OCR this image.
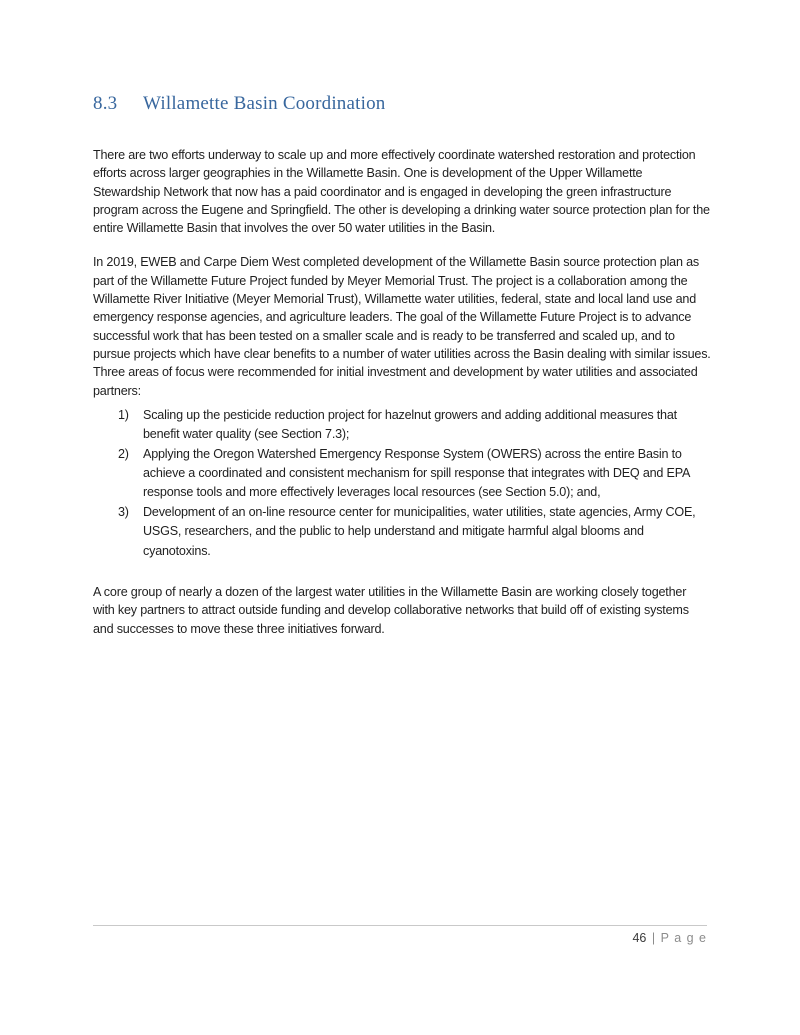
8.3	Willamette Basin Coordination

There are two efforts underway to scale up and more effectively coordinate watershed restoration and protection efforts across larger geographies in the Willamette Basin. One is development of the Upper Willamette Stewardship Network that now has a paid coordinator and is engaged in developing the green infrastructure program across the Eugene and Springfield. The other is developing a drinking water source protection plan for the entire Willamette Basin that involves the over 50 water utilities in the Basin.

In 2019, EWEB and Carpe Diem West completed development of the Willamette Basin source protection plan as part of the Willamette Future Project funded by Meyer Memorial Trust. The project is a collaboration among the Willamette River Initiative (Meyer Memorial Trust), Willamette water utilities, federal, state and local land use and emergency response agencies, and agriculture leaders. The goal of the Willamette Future Project is to advance successful work that has been tested on a smaller scale and is ready to be transferred and scaled up, and to pursue projects which have clear benefits to a number of water utilities across the Basin dealing with similar issues. Three areas of focus were recommended for initial investment and development by water utilities and associated partners:

1) Scaling up the pesticide reduction project for hazelnut growers and adding additional measures that benefit water quality (see Section 7.3);
2) Applying the Oregon Watershed Emergency Response System (OWERS) across the entire Basin to achieve a coordinated and consistent mechanism for spill response that integrates with DEQ and EPA response tools and more effectively leverages local resources (see Section 5.0); and,
3) Development of an on-line resource center for municipalities, water utilities, state agencies, Army COE, USGS, researchers, and the public to help understand and mitigate harmful algal blooms and cyanotoxins.

A core group of nearly a dozen of the largest water utilities in the Willamette Basin are working closely together with key partners to attract outside funding and develop collaborative networks that build off of existing systems and successes to move these three initiatives forward.

46 | P a g e
